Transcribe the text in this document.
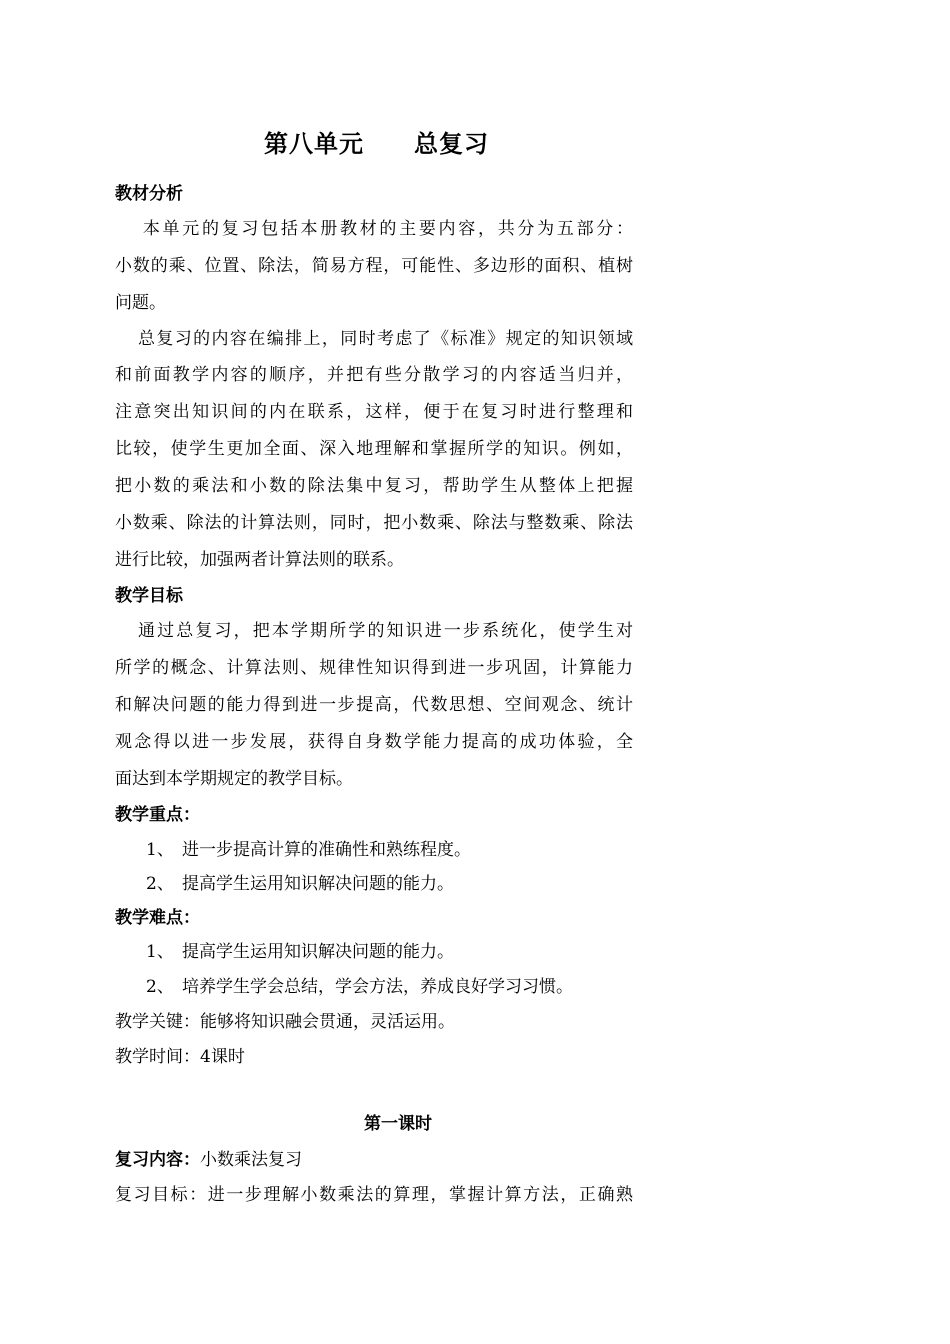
第八单元　　总复习
教材分析
　 本单元的复习包括本册教材的主要内容，共分为五部分：
小数的乘、位置、除法，简易方程，可能性、多边形的面积、植树
问题。
总复习的内容在编排上，同时考虑了《标准》规定的知识领域
和前面教学内容的顺序，并把有些分散学习的内容适当归并，
注意突出知识间的内在联系，这样，便于在复习时进行整理和
比较，使学生更加全面、深入地理解和掌握所学的知识。例如，
把小数的乘法和小数的除法集中复习，帮助学生从整体上把握
小数乘、除法的计算法则，同时，把小数乘、除法与整数乘、除法
进行比较，加强两者计算法则的联系。
教学目标
通过总复习，把本学期所学的知识进一步系统化，使学生对
所学的概念、计算法则、规律性知识得到进一步巩固，计算能力
和解决问题的能力得到进一步提高，代数思想、空间观念、统计
观念得以进一步发展，获得自身数学能力提高的成功体验，全
面达到本学期规定的教学目标。
教学重点：
1、 进一步提高计算的准确性和熟练程度。
2、 提高学生运用知识解决问题的能力。
教学难点：
1、 提高学生运用知识解决问题的能力。
2、 培养学生学会总结，学会方法，养成良好学习习惯。
教学关键：能够将知识融会贯通，灵活运用。
教学时间：4课时
第一课时
复习内容：小数乘法复习
复习目标：进一步理解小数乘法的算理，掌握计算方法，正确熟
